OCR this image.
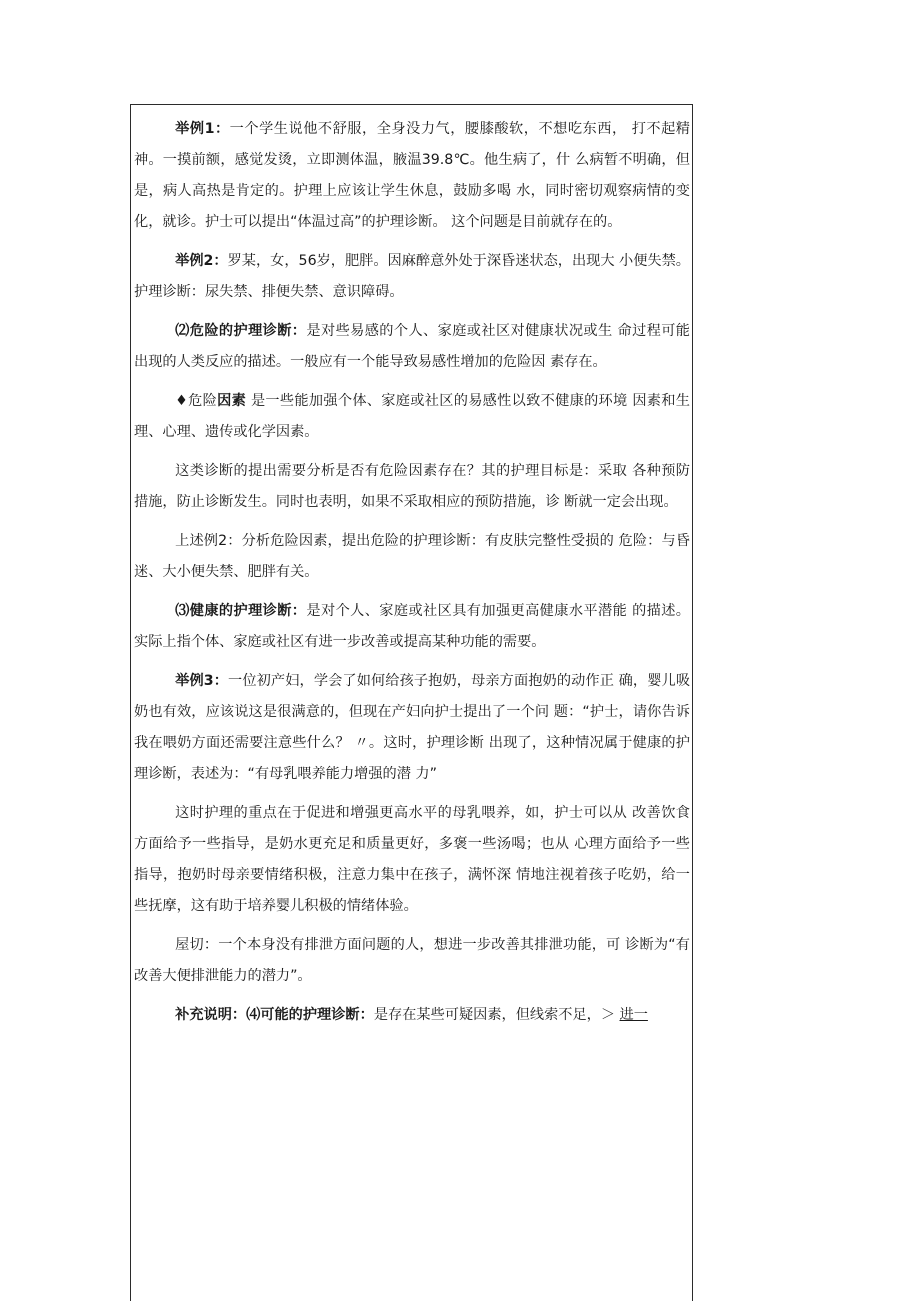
举例1：一个学生说他不舒服，全身没力气，腰膝酸软，不想吃东西， 打不起精神。一摸前额，感觉发烫，立即测体温，腋温39.8℃。他生病了，什 么病暂不明确，但是，病人高热是肯定的。护理上应该让学生休息，鼓励多喝 水，同时密切观察病情的变化，就诊。护士可以提出“体温过高”的护理诊断。 这个问题是目前就存在的。

举例2：罗某，女，56岁，肥胖。因麻醉意外处于深昏迷状态，出现大 小便失禁。护理诊断：尿失禁、排便失禁、意识障碍。

⑵危险的护理诊断：是对些易感的个人、家庭或社区对健康状况或生 命过程可能出现的人类反应的描述。一般应有一个能导致易感性增加的危险因 素存在。

♦危险因素 是一些能加强个体、家庭或社区的易感性以致不健康的环境 因素和生理、心理、遗传或化学因素。

这类诊断的提出需要分析是否有危险因素存在？其的护理目标是：采取 各种预防措施，防止诊断发生。同时也表明，如果不采取相应的预防措施，诊 断就一定会出现。

上述例2：分析危险因素，提出危险的护理诊断：有皮肤完整性受损的 危险：与昏迷、大小便失禁、肥胖有关。

⑶健康的护理诊断：是对个人、家庭或社区具有加强更高健康水平潜能 的描述。实际上指个体、家庭或社区有进一步改善或提高某种功能的需要。

举例3：一位初产妇，学会了如何给孩子抱奶，母亲方面抱奶的动作正 确，婴儿吸奶也有效，应该说这是很满意的，但现在产妇向护士提出了一个问 题：“护士，请你告诉我在喂奶方面还需要注意些什么？ 〃。这时，护理诊断 出现了，这种情况属于健康的护理诊断，表述为：“有母乳喂养能力增强的潜 力”

这时护理的重点在于促进和增强更高水平的母乳喂养，如，护士可以从 改善饮食方面给予一些指导，是奶水更充足和质量更好，多褒一些汤喝；也从 心理方面给予一些指导，抱奶时母亲要情绪积极，注意力集中在孩子，满怀深 情地注视着孩子吃奶，给一些抚摩，这有助于培养婴儿积极的情绪体验。

屋切：一个本身没有排泄方面问题的人，想进一步改善其排泄功能，可 诊断为“有改善大便排泄能力的潜力”。

补充说明：⑷可能的护理诊断：是存在某些可疑因素，但线索不足，＞ 进一
